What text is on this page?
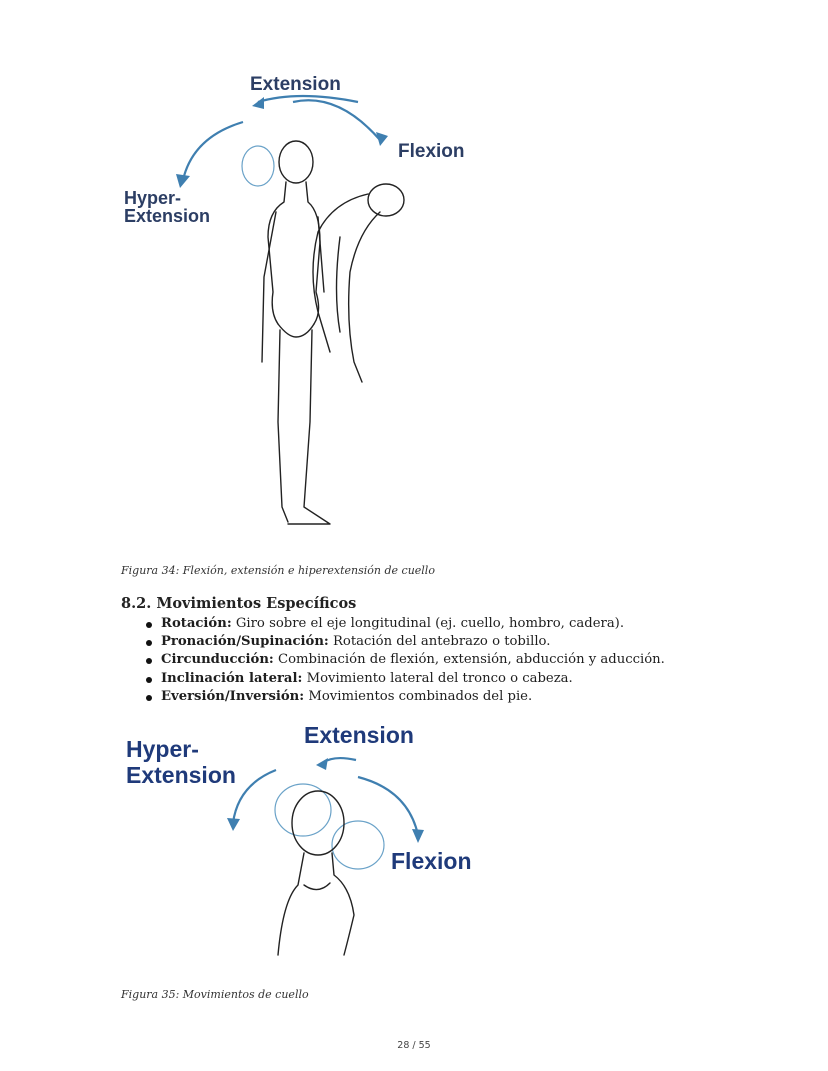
Extension
Flexion
Hyper-
Extension
Figura 34: Flexión, extensión e hiperextensión de cuello
8.2. Movimientos Específicos
Rotación: Giro sobre el eje longitudinal (ej. cuello, hombro, cadera).
Pronación/Supinación: Rotación del antebrazo o tobillo.
Circunducción: Combinación de flexión, extensión, abducción y aducción.
Inclinación lateral: Movimiento lateral del tronco o cabeza.
Eversión/Inversión: Movimientos combinados del pie.
Hyper-
Extension
Extension
Flexion
Figura 35: Movimientos de cuello
28 / 55
